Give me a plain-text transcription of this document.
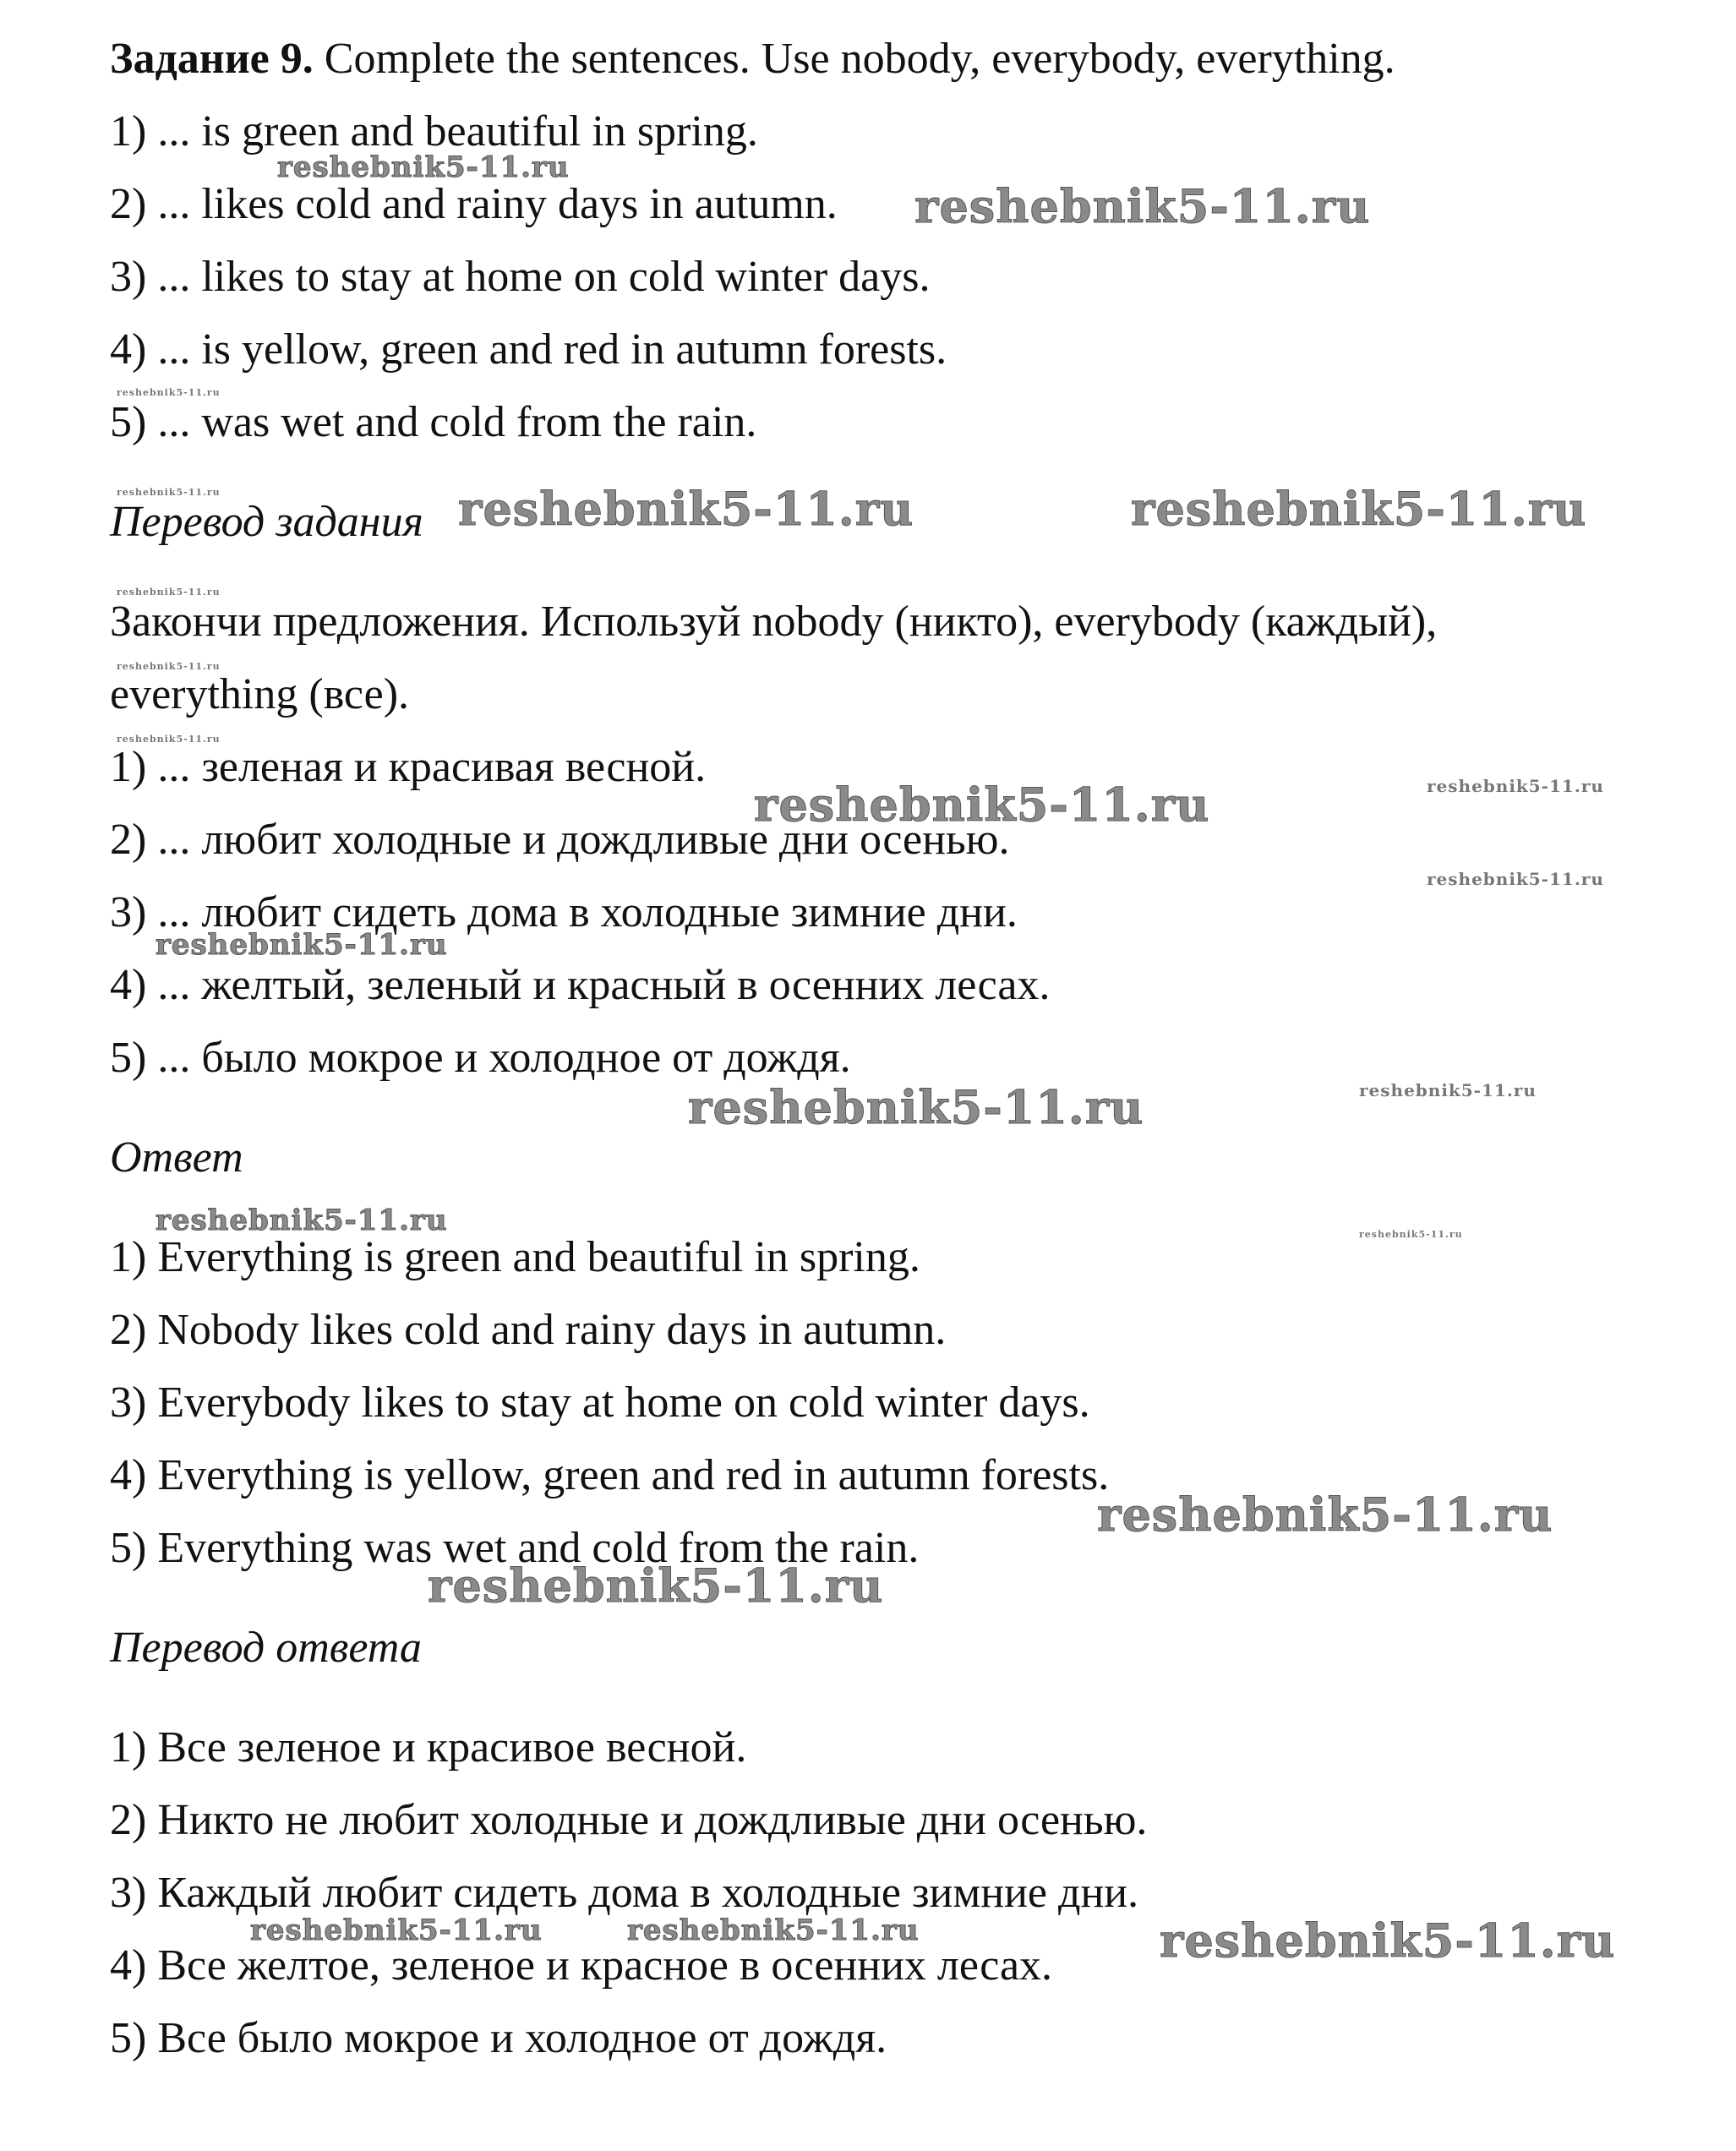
Задание 9. Complete the sentences. Use nobody, everybody, everything.
1) ... is green and beautiful in spring.
2) ... likes cold and rainy days in autumn.
3) ... likes to stay at home on cold winter days.
4) ... is yellow, green and red in autumn forests.
5) ... was wet and cold from the rain.
Перевод задания
Закончи предложения. Используй nobody (никто), everybody (каждый),
everything (все).
1) ... зеленая и красивая весной.
2) ... любит холодные и дождливые дни осенью.
3) ... любит сидеть дома в холодные зимние дни.
4) ... желтый, зеленый и красный в осенних лесах.
5) ... было мокрое и холодное от дождя.
Ответ
1) Everything is green and beautiful in spring.
2) Nobody likes cold and rainy days in autumn.
3) Everybody likes to stay at home on cold winter days.
4) Everything is yellow, green and red in autumn forests.
5) Everything was wet and cold from the rain.
Перевод ответа
1) Все зеленое и красивое весной.
2) Никто не любит холодные и дождливые дни осенью.
3) Каждый любит сидеть дома в холодные зимние дни.
4) Все желтое, зеленое и красное в осенних лесах.
5) Все было мокрое и холодное от дождя.
reshebnik5-11.ru
reshebnik5-11.ru
reshebnik5-11.ru
reshebnik5-11.ru	reshebnik5-11.ru	reshebnik5-11.ru
reshebnik5-11.ru
reshebnik5-11.ru
reshebnik5-11.ru
reshebnik5-11.ru	reshebnik5-11.ru
reshebnik5-11.ru
reshebnik5-11.ru
reshebnik5-11.ru	reshebnik5-11.ru
reshebnik5-11.ru	reshebnik5-11.ru
reshebnik5-11.ru
reshebnik5-11.ru
reshebnik5-11.ru	reshebnik5-11.ru	reshebnik5-11.ru
